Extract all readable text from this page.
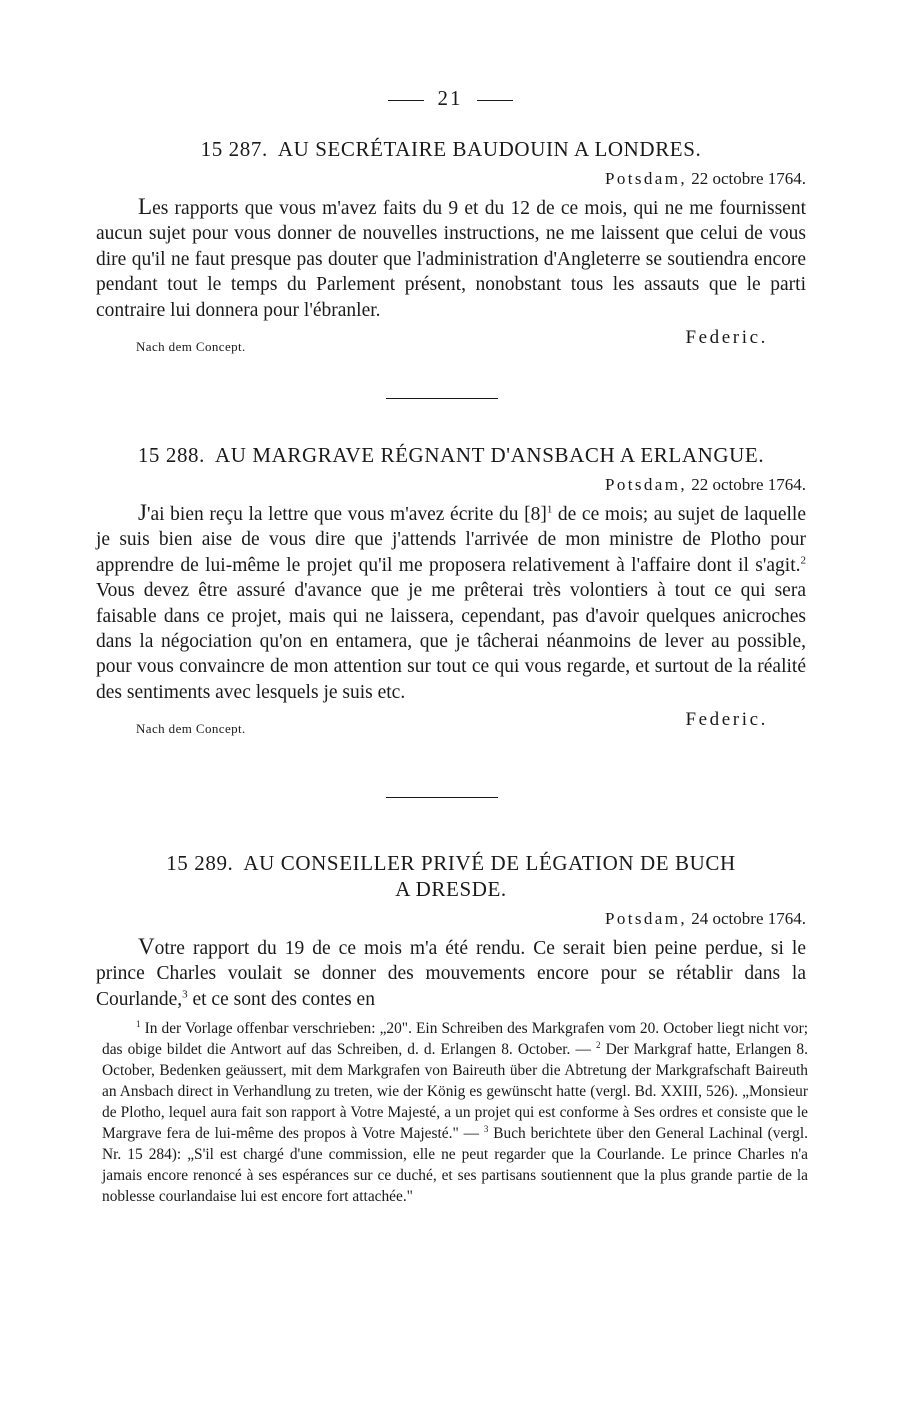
21
15 287. AU SECRÉTAIRE BAUDOUIN A LONDRES.
Potsdam, 22 octobre 1764.
Les rapports que vous m'avez faits du 9 et du 12 de ce mois, qui ne me fournissent aucun sujet pour vous donner de nouvelles instructions, ne me laissent que celui de vous dire qu'il ne faut presque pas douter que l'administration d'Angleterre se soutiendra encore pendant tout le temps du Parlement présent, nonobstant tous les assauts que le parti contraire lui donnera pour l'ébranler.
Nach dem Concept.	Federic.
15 288. AU MARGRAVE RÉGNANT D'ANSBACH A ERLANGUE.
Potsdam, 22 octobre 1764.
J'ai bien reçu la lettre que vous m'avez écrite du $[8]^1$ de ce mois; au sujet de laquelle je suis bien aise de vous dire que j'attends l'arrivée de mon ministre de Plotho pour apprendre de lui-même le projet qu'il me proposera relativement à l'affaire dont il s'agit.$^2$ Vous devez être assuré d'avance que je me prêterai très volontiers à tout ce qui sera faisable dans ce projet, mais qui ne laissera, cependant, pas d'avoir quelques anicroches dans la négociation qu'on en entamera, que je tâcherai néanmoins de lever au possible, pour vous convaincre de mon attention sur tout ce qui vous regarde, et surtout de la réalité des sentiments avec lesquels je suis etc.
Nach dem Concept.	Federic.
15 289. AU CONSEILLER PRIVÉ DE LÉGATION DE BUCH
A DRESDE.
Potsdam, 24 octobre 1764.
Votre rapport du 19 de ce mois m'a été rendu. Ce serait bien peine perdue, si le prince Charles voulait se donner des mouvements encore pour se rétablir dans la Courlande,$^3$ et ce sont des contes en
$^1$ In der Vorlage offenbar verschrieben: „20". Ein Schreiben des Markgrafen vom 20. October liegt nicht vor; das obige bildet die Antwort auf das Schreiben, d. d. Erlangen 8. October. — $^2$ Der Markgraf hatte, Erlangen 8. October, Bedenken geäussert, mit dem Markgrafen von Baireuth über die Abtretung der Markgrafschaft Baireuth an Ansbach direct in Verhandlung zu treten, wie der König es gewünscht hatte (vergl. Bd. XXIII, 526). „Monsieur de Plotho, lequel aura fait son rapport à Votre Majesté, a un projet qui est conforme à Ses ordres et consiste que le Margrave fera de lui-même des propos à Votre Majesté." — $^3$ Buch berichtete über den General Lachinal (vergl. Nr. 15 284): „S'il est chargé d'une commission, elle ne peut regarder que la Courlande. Le prince Charles n'a jamais encore renoncé à ses espérances sur ce duché, et ses partisans soutiennent que la plus grande partie de la noblesse courlandaise lui est encore fort attachée."
